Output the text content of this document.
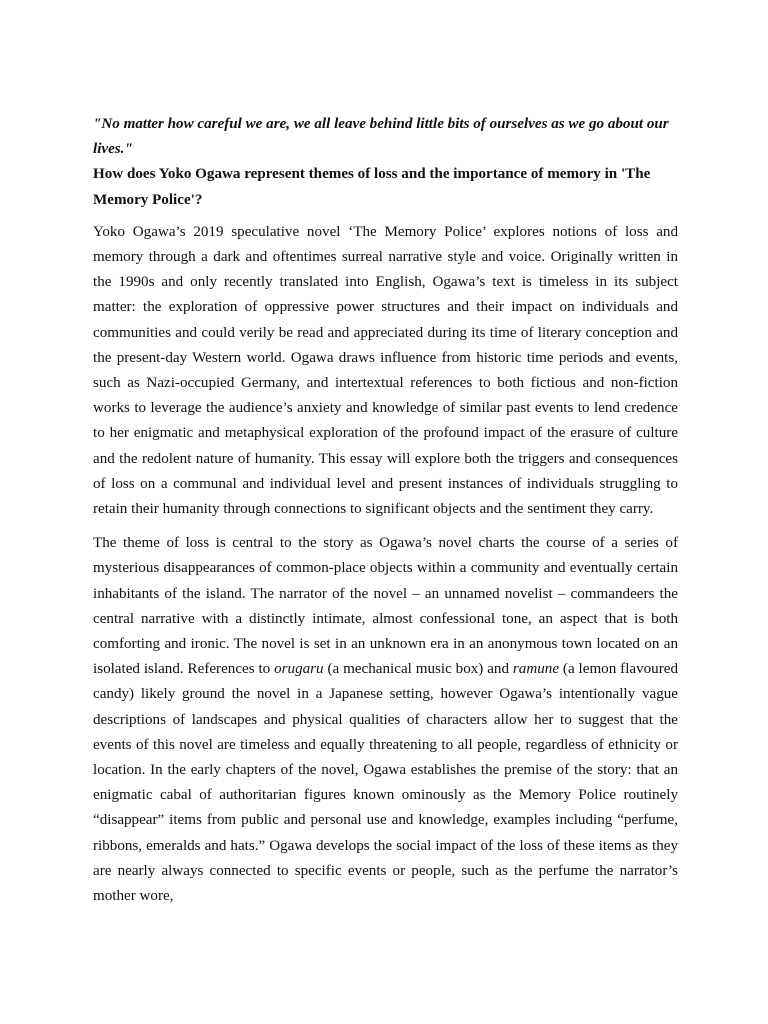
"No matter how careful we are, we all leave behind little bits of ourselves as we go about our lives."

How does Yoko Ogawa represent themes of loss and the importance of memory in 'The Memory Police'?

Yoko Ogawa’s 2019 speculative novel ‘The Memory Police’ explores notions of loss and memory through a dark and oftentimes surreal narrative style and voice. Originally written in the 1990s and only recently translated into English, Ogawa’s text is timeless in its subject matter: the exploration of oppressive power structures and their impact on individuals and communities and could verily be read and appreciated during its time of literary conception and the present-day Western world. Ogawa draws influence from historic time periods and events, such as Nazi-occupied Germany, and intertextual references to both fictious and non-fiction works to leverage the audience’s anxiety and knowledge of similar past events to lend credence to her enigmatic and metaphysical exploration of the profound impact of the erasure of culture and the redolent nature of humanity. This essay will explore both the triggers and consequences of loss on a communal and individual level and present instances of individuals struggling to retain their humanity through connections to significant objects and the sentiment they carry.

The theme of loss is central to the story as Ogawa’s novel charts the course of a series of mysterious disappearances of common-place objects within a community and eventually certain inhabitants of the island. The narrator of the novel – an unnamed novelist – commandeers the central narrative with a distinctly intimate, almost confessional tone, an aspect that is both comforting and ironic. The novel is set in an unknown era in an anonymous town located on an isolated island. References to orugaru (a mechanical music box) and ramune (a lemon flavoured candy) likely ground the novel in a Japanese setting, however Ogawa’s intentionally vague descriptions of landscapes and physical qualities of characters allow her to suggest that the events of this novel are timeless and equally threatening to all people, regardless of ethnicity or location. In the early chapters of the novel, Ogawa establishes the premise of the story: that an enigmatic cabal of authoritarian figures known ominously as the Memory Police routinely “disappear” items from public and personal use and knowledge, examples including “perfume, ribbons, emeralds and hats.” Ogawa develops the social impact of the loss of these items as they are nearly always connected to specific events or people, such as the perfume the narrator’s mother wore,
